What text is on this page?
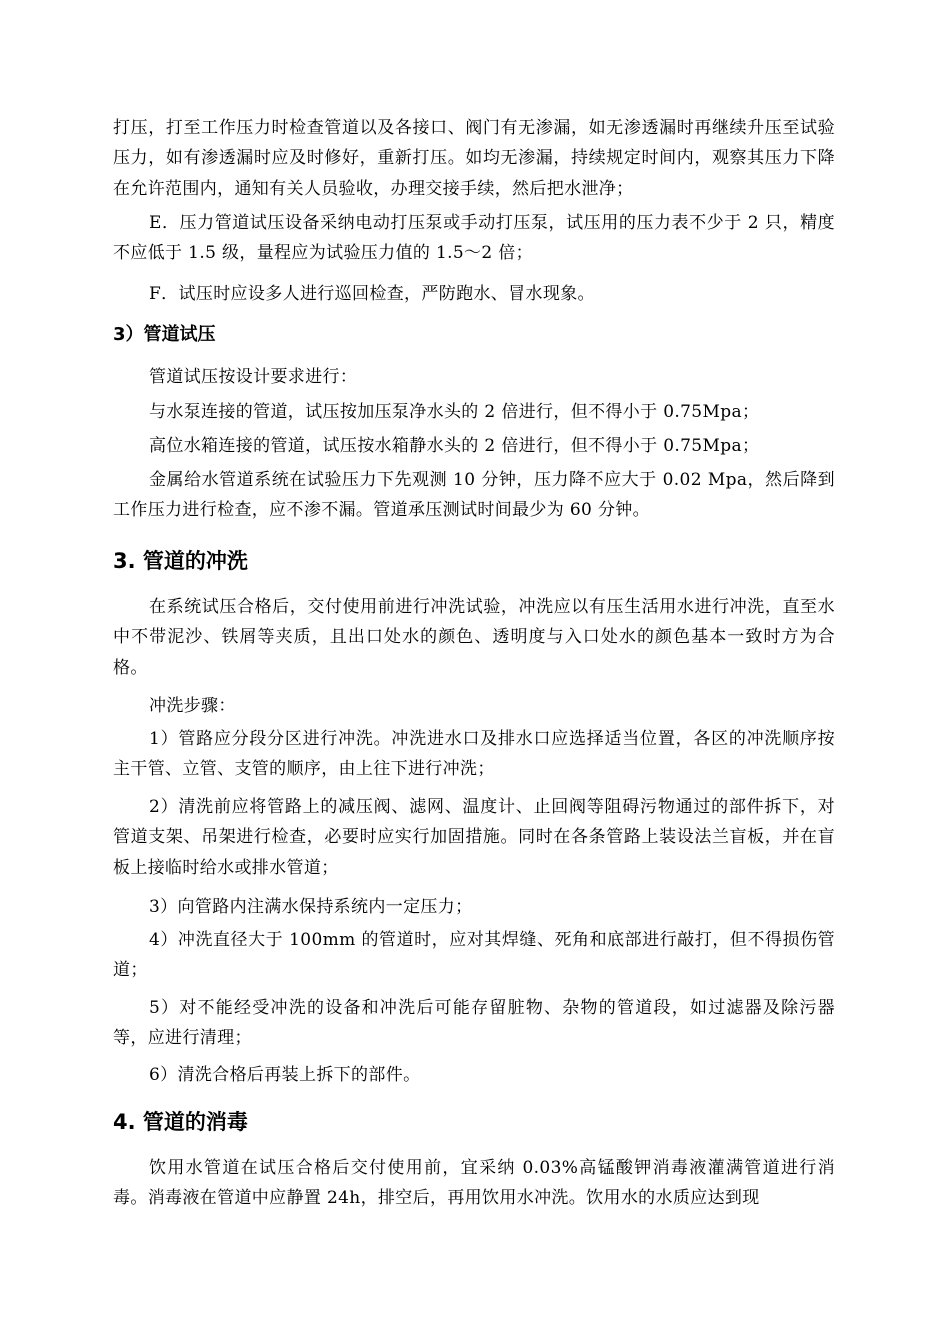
打压，打至工作压力时检查管道以及各接口、阀门有无渗漏，如无渗透漏时再继续升压至试验压力，如有渗透漏时应及时修好，重新打压。如均无渗漏，持续规定时间内，观察其压力下降在允许范围内，通知有关人员验收，办理交接手续，然后把水泄净；

E．压力管道试压设备采纳电动打压泵或手动打压泵，试压用的压力表不少于 2 只，精度不应低于 1.5 级，量程应为试验压力值的 1.5～2 倍；

F．试压时应设多人进行巡回检查，严防跑水、冒水现象。

3）管道试压

管道试压按设计要求进行：

与水泵连接的管道，试压按加压泵净水头的 2 倍进行，但不得小于 0.75Mpa；

高位水箱连接的管道，试压按水箱静水头的 2 倍进行，但不得小于 0.75Mpa；

金属给水管道系统在试验压力下先观测 10 分钟，压力降不应大于 0.02 Mpa，然后降到工作压力进行检查，应不渗不漏。管道承压测试时间最少为 60 分钟。

3. 管道的冲洗

在系统试压合格后，交付使用前进行冲洗试验，冲洗应以有压生活用水进行冲洗，直至水中不带泥沙、铁屑等夹质，且出口处水的颜色、透明度与入口处水的颜色基本一致时方为合格。

冲洗步骤：

1）管路应分段分区进行冲洗。冲洗进水口及排水口应选择适当位置，各区的冲洗顺序按主干管、立管、支管的顺序，由上往下进行冲洗；

2）清洗前应将管路上的减压阀、滤网、温度计、止回阀等阻碍污物通过的部件拆下，对管道支架、吊架进行检查，必要时应实行加固措施。同时在各条管路上装设法兰盲板，并在盲板上接临时给水或排水管道；

3）向管路内注满水保持系统内一定压力；

4）冲洗直径大于 100mm 的管道时，应对其焊缝、死角和底部进行敲打，但不得损伤管道；

5）对不能经受冲洗的设备和冲洗后可能存留脏物、杂物的管道段，如过滤器及除污器等，应进行清理；

6）清洗合格后再装上拆下的部件。

4. 管道的消毒

饮用水管道在试压合格后交付使用前，宜采纳 0.03%高锰酸钾消毒液灌满管道进行消毒。消毒液在管道中应静置 24h，排空后，再用饮用水冲洗。饮用水的水质应达到现
